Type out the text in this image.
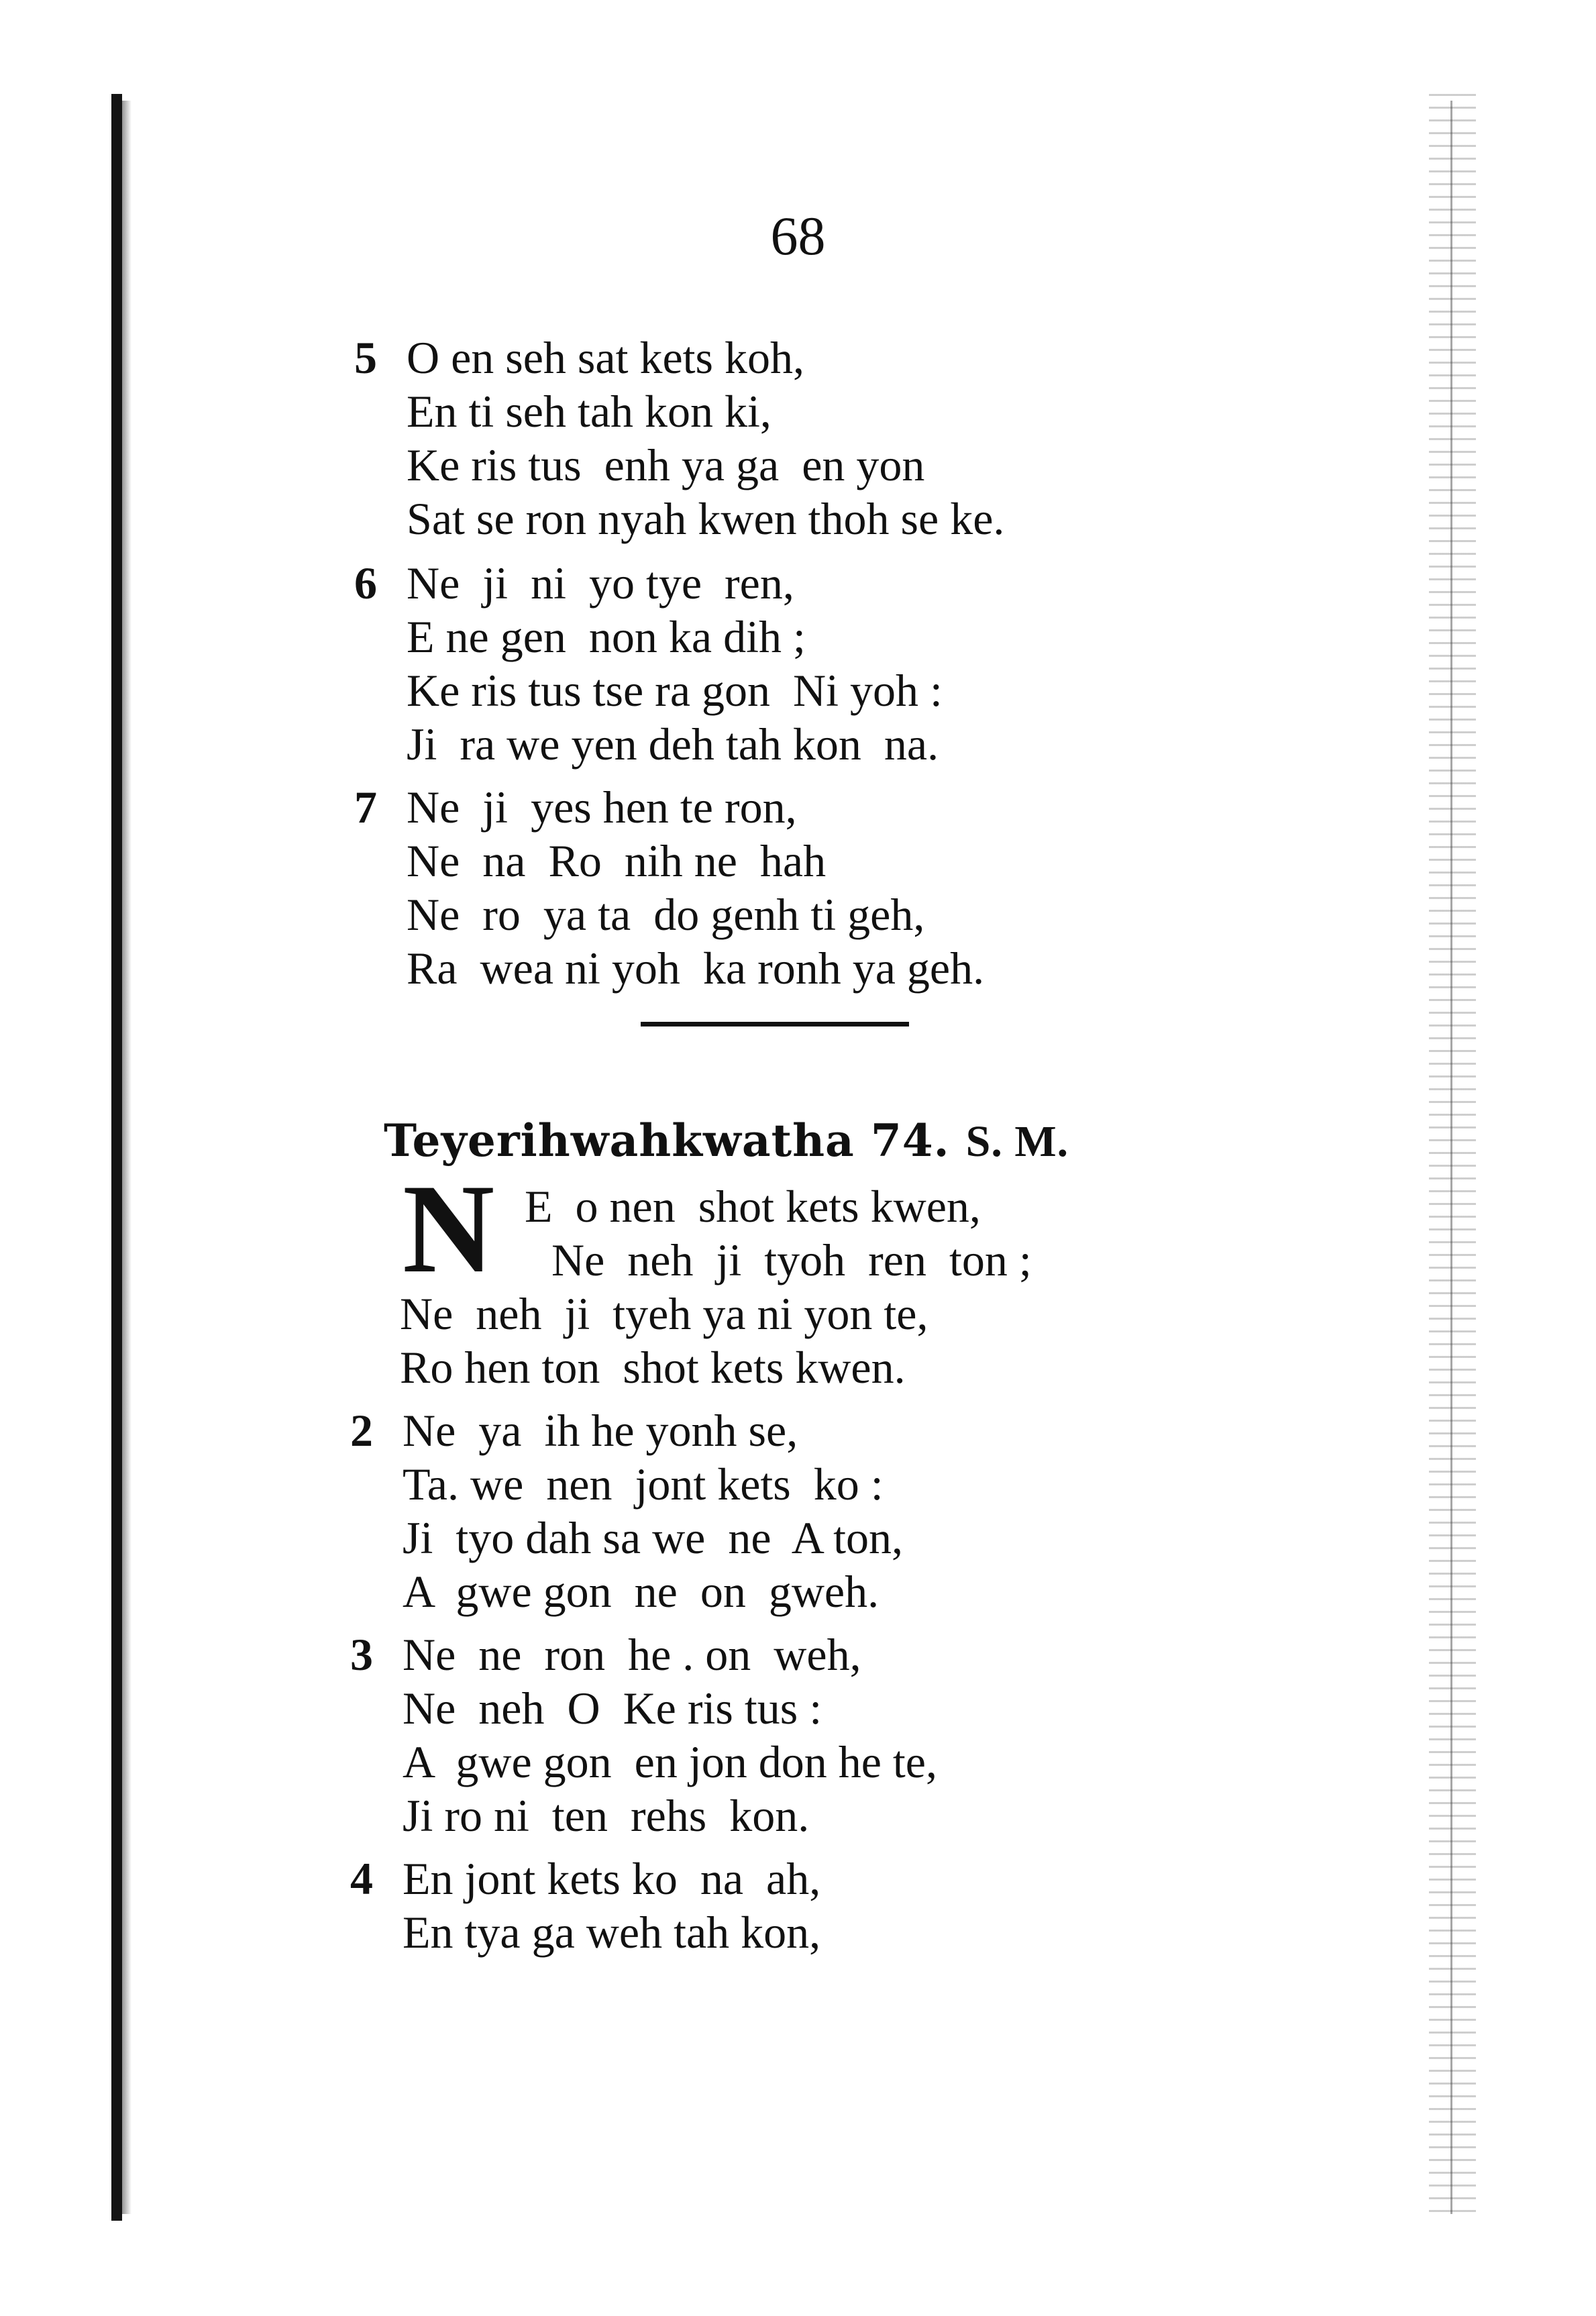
68
5 O en seh sat kets koh,
En ti seh tah kon ki,
Ke ris tus  enh ya ga  en yon
Sat se ron nyah kwen thoh se ke.
6 Ne  ji  ni  yo tye  ren,
E ne gen  non ka dih ;
Ke ris tus tse ra gon  Ni yoh :
Ji  ra we yen deh tah kon  na.
7 Ne  ji  yes hen te ron,
Ne  na  Ro  nih ne  hah
Ne  ro  ya ta  do genh ti geh,
Ra  wea ni yoh  ka ronh ya geh.
Teyerihwahkwatha 74. S. M.
N E  o nen  shot kets kwen,
Ne  neh  ji  tyoh  ren  ton ;
Ne  neh  ji  tyeh ya ni yon te,
Ro hen ton  shot kets kwen.
2 Ne  ya  ih he yonh se,
Ta. we  nen  jont kets  ko :
Ji  tyo dah sa we  ne  A ton,
A  gwe gon  ne  on  gweh.
3 Ne  ne  ron  he . on  weh,
Ne  neh  O  Ke ris tus :
A  gwe gon  en jon don he te,
Ji ro ni  ten  rehs  kon.
4 En jont kets ko  na  ah,
En tya ga weh tah kon,
